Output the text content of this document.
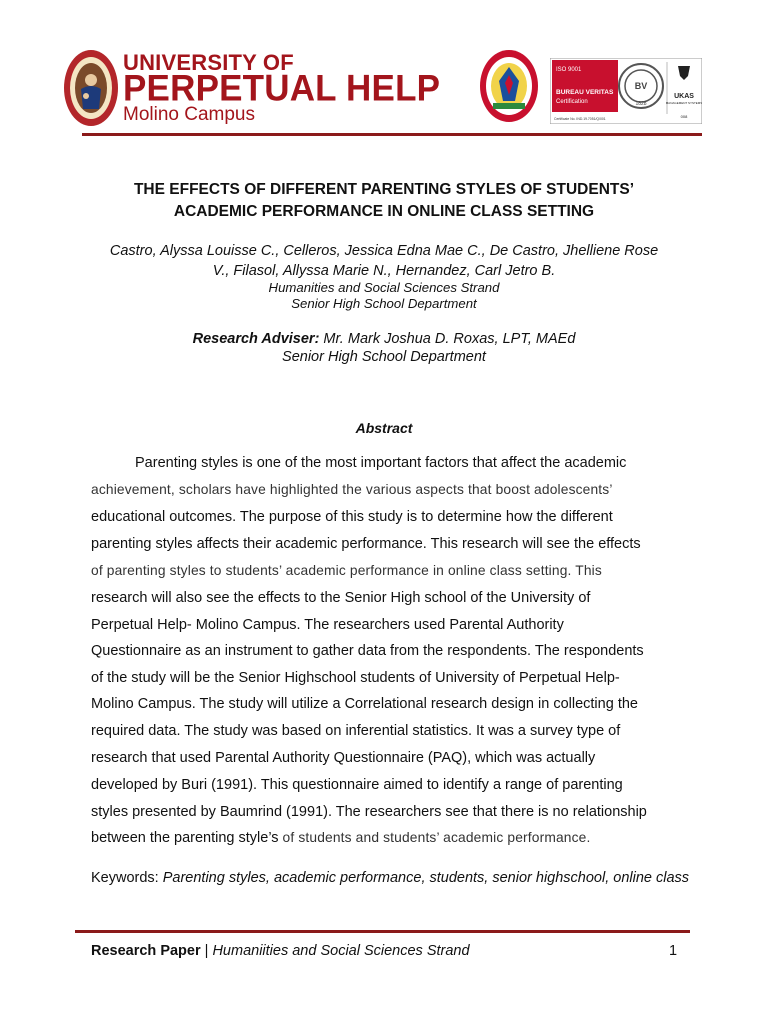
UNIVERSITY OF
PERPETUAL HELP
Molino Campus
ISO 9001
BUREAU VERITAS
Certification
BV
1828
UKAS
MANAGEMENT SYSTEMS
008
Certificate No. IND.19.7051/Q/001
THE EFFECTS OF DIFFERENT PARENTING STYLES OF STUDENTS’
ACADEMIC PERFORMANCE IN ONLINE CLASS SETTING
Castro, Alyssa Louisse C., Celleros, Jessica Edna Mae C., De Castro, Jhelliene Rose
V., Filasol, Allyssa Marie N., Hernandez, Carl Jetro B.
Humanities and Social Sciences Strand
Senior High School Department
Research Adviser: Mr. Mark Joshua D. Roxas, LPT, MAEd
Senior High School Department
Abstract
Parenting styles is one of the most important factors that affect the academic
achievement, scholars have highlighted the various aspects that boost adolescents’
educational outcomes. The purpose of this study is to determine how the different
parenting styles affects their academic performance. This research will see the effects
of parenting styles to students’ academic performance in online class setting. This
research will also see the effects to the Senior High school of the University of
Perpetual Help- Molino Campus. The researchers used Parental Authority
Questionnaire as an instrument to gather data from the respondents. The respondents
of the study will be the Senior Highschool students of University of Perpetual Help-
Molino Campus. The study will utilize a Correlational research design in collecting the
required data. The study was based on inferential statistics. It was a survey type of
research that used Parental Authority Questionnaire (PAQ), which was actually
developed by Buri (1991). This questionnaire aimed to identify a range of parenting
styles presented by Baumrind (1991). The researchers see that there is no relationship
between the parenting style’s of students and students’ academic performance.
Keywords: Parenting styles, academic performance, students, senior highschool, online class
Research Paper | Humaniities and Social Sciences Strand	1
